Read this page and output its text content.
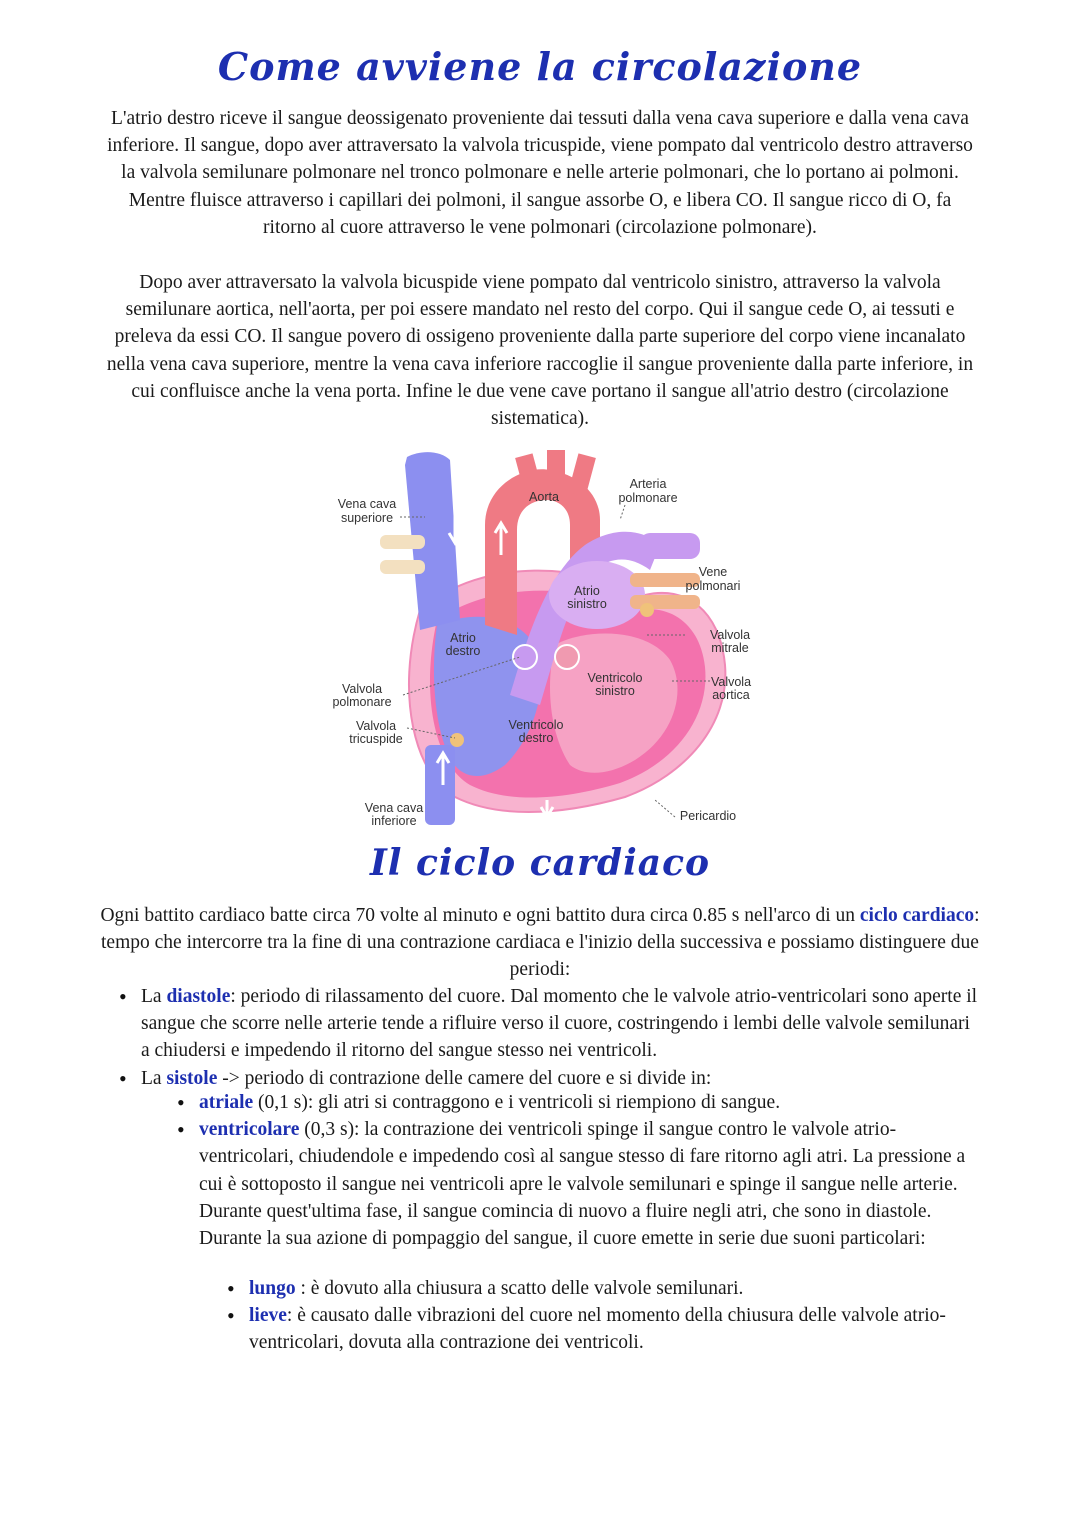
Come avviene la circolazione
L'atrio destro riceve il sangue deossigenato proveniente dai tessuti dalla vena cava superiore e dalla vena cava inferiore. Il sangue, dopo aver attraversato la valvola tricuspide, viene pompato dal ventricolo destro attraverso la valvola semilunare polmonare nel tronco polmonare e nelle arterie polmonari, che lo portano ai polmoni. Mentre fluisce attraverso i capillari dei polmoni, il sangue assorbe O, e libera CO. Il sangue ricco di O, fa ritorno al cuore attraverso le vene polmonari (circolazione polmonare).
Dopo aver attraversato la valvola bicuspide viene pompato dal ventricolo sinistro, attraverso la valvola semilunare aortica, nell'aorta, per poi essere mandato nel resto del corpo. Qui il sangue cede O, ai tessuti e preleva da essi CO. Il sangue povero di ossigeno proveniente dalla parte superiore del corpo viene incanalato nella vena cava superiore, mentre la vena cava inferiore raccoglie il sangue proveniente dalla parte inferiore, in cui confluisce anche la vena porta. Infine le due vene cave portano il sangue all'atrio destro (circolazione sistematica).
Vena cava
superiore
Aorta
Arteria
polmonare
Vene
polmonari
Atrio
sinistro
Atrio
destro
Valvola
mitrale
Ventricolo
sinistro
Valvola
aortica
Valvola
polmonare
Valvola
tricuspide
Ventricolo
destro
Vena cava
inferiore	Pericardio
Il ciclo cardiaco
Ogni battito cardiaco batte circa 70 volte al minuto e ogni battito dura circa 0.85 s nell'arco di un ciclo cardiaco: tempo che intercorre tra la fine di una contrazione cardiaca e l'inizio della successiva e possiamo distinguere due periodi:
• La diastole: periodo di rilassamento del cuore. Dal momento che le valvole atrio-ventricolari sono aperte il sangue che scorre nelle arterie tende a rifluire verso il cuore, costringendo i lembi delle valvole semilunari a chiudersi e impedendo il ritorno del sangue stesso nei ventricoli.
• La sistole -> periodo di contrazione delle camere del cuore e si divide in:
• atriale (0,1 s): gli atri si contraggono e i ventricoli si riempiono di sangue.
• ventricolare (0,3 s): la contrazione dei ventricoli spinge il sangue contro le valvole atrio-ventricolari, chiudendole e impedendo così al sangue stesso di fare ritorno agli atri. La pressione a cui è sottoposto il sangue nei ventricoli apre le valvole semilunari e spinge il sangue nelle arterie. Durante quest'ultima fase, il sangue comincia di nuovo a fluire negli atri, che sono in diastole. Durante la sua azione di pompaggio del sangue, il cuore emette in serie due suoni particolari:
• lungo : è dovuto alla chiusura a scatto delle valvole semilunari.
• lieve: è causato dalle vibrazioni del cuore nel momento della chiusura delle valvole atrio-ventricolari, dovuta alla contrazione dei ventricoli.
